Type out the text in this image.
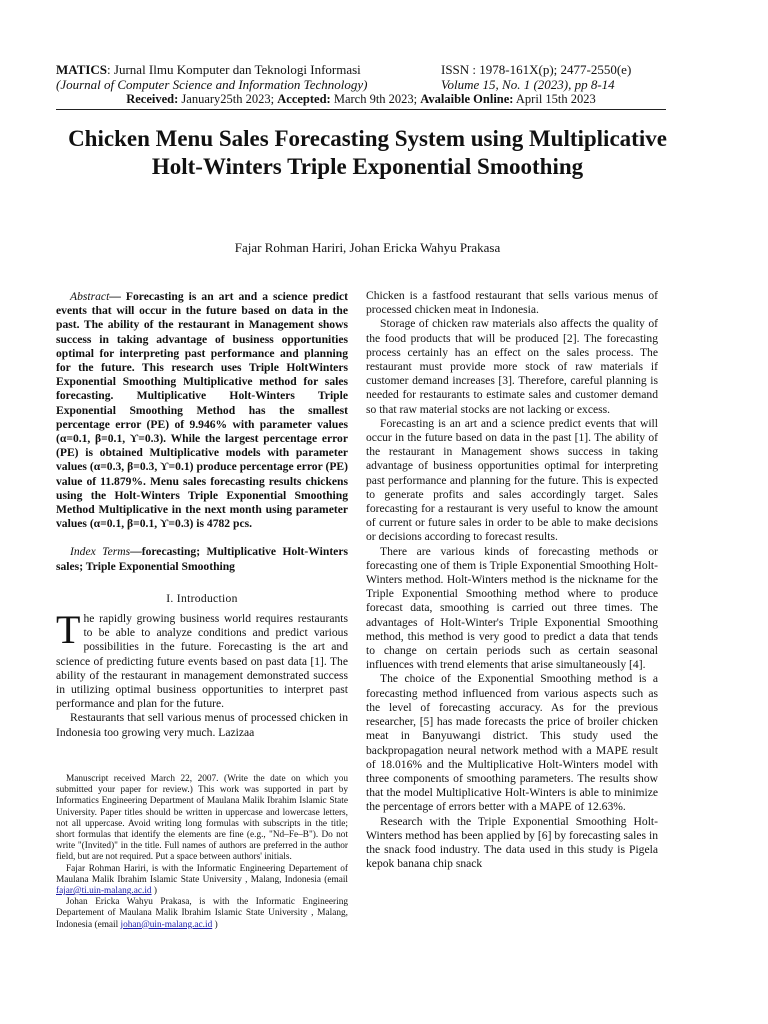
MATICS: Jurnal Ilmu Komputer dan Teknologi Informasi	ISSN : 1978-161X(p); 2477-2550(e)
(Journal of Computer Science and Information Technology)	Volume 15, No. 1 (2023), pp 8-14
Received: January25th 2023; Accepted: March 9th 2023; Avalaible Online: April 15th 2023
Chicken Menu Sales Forecasting System using Multiplicative Holt-Winters Triple Exponential Smoothing
Fajar Rohman Hariri, Johan Ericka Wahyu Prakasa

Abstract— Forecasting is an art and a science predict events that will occur in the future based on data in the past. The ability of the restaurant in Management shows success in taking advantage of business opportunities optimal for interpreting past performance and planning for the future. This research uses Triple HoltWinters Exponential Smoothing Multiplicative method for sales forecasting. Multiplicative Holt-Winters Triple Exponential Smoothing Method has the smallest percentage error (PE) of 9.946% with parameter values (α=0.1, β=0.1, ϒ=0.3). While the largest percentage error (PE) is obtained Multiplicative models with parameter values (α=0.3, β=0.3, ϒ=0.1) produce percentage error (PE) value of 11.879%. Menu sales forecasting results chickens using the Holt-Winters Triple Exponential Smoothing Method Multiplicative in the next month using parameter values (α=0.1, β=0.1, ϒ=0.3) is 4782 pcs.

Index Terms—forecasting; Multiplicative Holt-Winters sales; Triple Exponential Smoothing

I. Introduction

The rapidly growing business world requires restaurants to be able to analyze conditions and predict various possibilities in the future. Forecasting is the art and science of predicting future events based on past data [1]. The ability of the restaurant in management demonstrated success in utilizing optimal business opportunities to interpret past performance and plan for the future.

Restaurants that sell various menus of processed chicken in Indonesia too growing very much. Lazizaa

Manuscript received March 22, 2007. (Write the date on which you submitted your paper for review.) This work was supported in part by Informatics Engineering Department of Maulana Malik Ibrahim Islamic State University. Paper titles should be written in uppercase and lowercase letters, not all uppercase. Avoid writing long formulas with subscripts in the title; short formulas that identify the elements are fine (e.g., "Nd–Fe–B"). Do not write "(Invited)" in the title. Full names of authors are preferred in the author field, but are not required. Put a space between authors' initials.

Fajar Rohman Hariri, is with the Informatic Engineering Departement of Maulana Malik Ibrahim Islamic State University , Malang, Indonesia (email fajar@ti.uin-malang.ac.id )

Johan Ericka Wahyu Prakasa, is with the Informatic Engineering Departement of Maulana Malik Ibrahim Islamic State University , Malang, Indonesia (email johan@uin-malang.ac.id )

Chicken is a fastfood restaurant that sells various menus of processed chicken meat in Indonesia.

Storage of chicken raw materials also affects the quality of the food products that will be produced [2]. The forecasting process certainly has an effect on the sales process. The restaurant must provide more stock of raw materials if customer demand increases [3]. Therefore, careful planning is needed for restaurants to estimate sales and customer demand so that raw material stocks are not lacking or excess.

Forecasting is an art and a science predict events that will occur in the future based on data in the past [1]. The ability of the restaurant in Management shows success in taking advantage of business opportunities optimal for interpreting past performance and planning for the future. This is expected to generate profits and sales accordingly target. Sales forecasting for a restaurant is very useful to know the amount of current or future sales in order to be able to make decisions or decisions according to forecast results.

There are various kinds of forecasting methods or forecasting one of them is Triple Exponential Smoothing Holt-Winters method. Holt-Winters method is the nickname for the Triple Exponential Smoothing method where to produce forecast data, smoothing is carried out three times. The advantages of Holt-Winter's Triple Exponential Smoothing method, this method is very good to predict a data that tends to change on certain periods such as certain seasonal influences with trend elements that arise simultaneously [4].

The choice of the Exponential Smoothing method is a forecasting method influenced from various aspects such as the level of forecasting accuracy. As for the previous researcher, [5] has made forecasts the price of broiler chicken meat in Banyuwangi district. This study used the backpropagation neural network method with a MAPE result of 18.016% and the Multiplicative Holt-Winters model with three components of smoothing parameters. The results show that the model Multiplicative Holt-Winters is able to minimize the percentage of errors better with a MAPE of 12.63%.

Research with the Triple Exponential Smoothing Holt-Winters method has been applied by [6] by forecasting sales in the snack food industry. The data used in this study is Pigela kepok banana chip snack
